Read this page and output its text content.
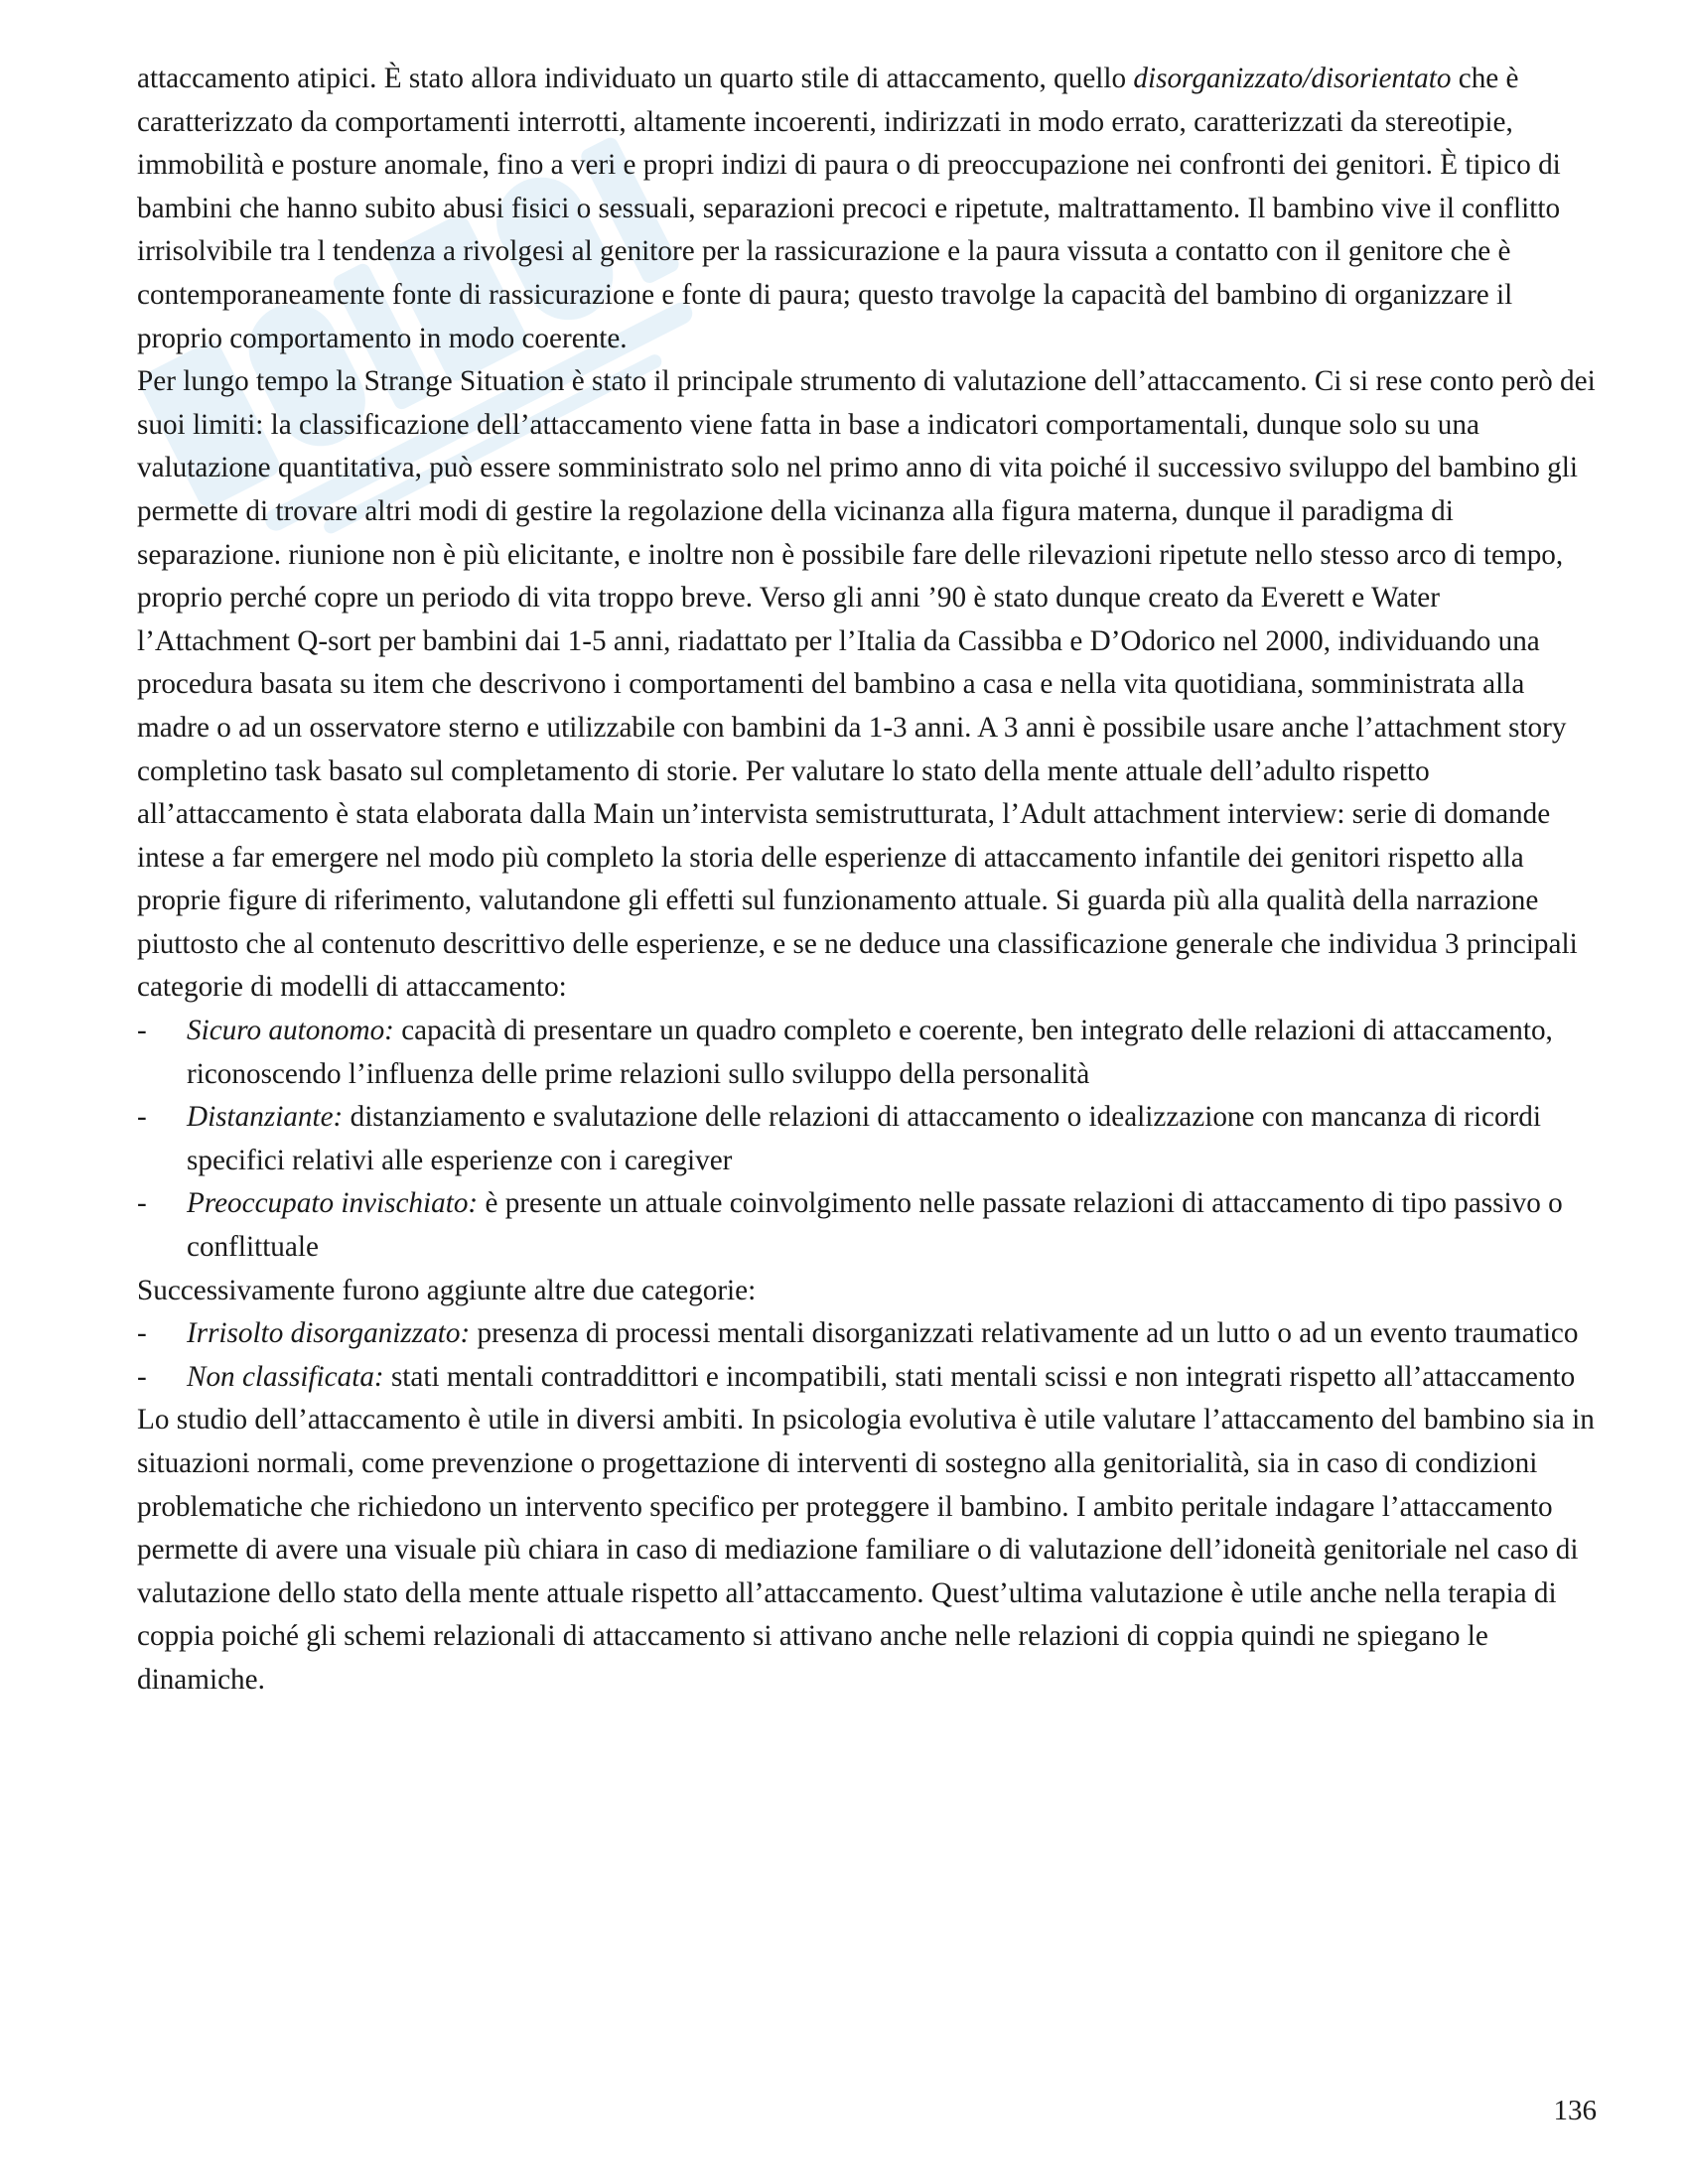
attaccamento atipici. È stato allora individuato un quarto stile di attaccamento, quello disorganizzato/disorientato che è caratterizzato da comportamenti interrotti, altamente incoerenti, indirizzati in modo errato, caratterizzati da stereotipie, immobilità e posture anomale, fino a veri e propri indizi di paura o di preoccupazione nei confronti dei genitori. È tipico di bambini che hanno subito abusi fisici o sessuali, separazioni precoci e ripetute, maltrattamento. Il bambino vive il conflitto irrisolvibile tra l tendenza a rivolgesi al genitore per la rassicurazione e la paura vissuta a contatto con il genitore che è contemporaneamente fonte di rassicurazione e fonte di paura; questo travolge la capacità del bambino di organizzare il proprio comportamento in modo coerente.

Per lungo tempo la Strange Situation è stato il principale strumento di valutazione dell’attaccamento. Ci si rese conto però dei suoi limiti: la classificazione dell’attaccamento viene fatta in base a indicatori comportamentali, dunque solo su una valutazione quantitativa, può essere somministrato solo nel primo anno di vita poiché il successivo sviluppo del bambino gli permette di trovare altri modi di gestire la regolazione della vicinanza alla figura materna, dunque il paradigma di separazione. riunione non è più elicitante, e inoltre non è possibile fare delle rilevazioni ripetute nello stesso arco di tempo, proprio perché copre un periodo di vita troppo breve. Verso gli anni ’90 è stato dunque creato da Everett e Water l’Attachment Q-sort per bambini dai 1-5 anni, riadattato per l’Italia da Cassibba e D’Odorico nel 2000, individuando una procedura basata su item che descrivono i comportamenti del bambino a casa e nella vita quotidiana, somministrata alla madre o ad un osservatore sterno e utilizzabile con bambini da 1-3 anni. A 3 anni è possibile usare anche l’attachment story completino task basato sul completamento di storie. Per valutare lo stato della mente attuale dell’adulto rispetto all’attaccamento è stata elaborata dalla Main un’intervista semistrutturata, l’Adult attachment interview: serie di domande intese a far emergere nel modo più completo la storia delle esperienze di attaccamento infantile dei genitori rispetto alla proprie figure di riferimento, valutandone gli effetti sul funzionamento attuale. Si guarda più alla qualità della narrazione piuttosto che al contenuto descrittivo delle esperienze, e se ne deduce una classificazione generale che individua 3 principali categorie di modelli di attaccamento:

- Sicuro autonomo: capacità di presentare un quadro completo e coerente, ben integrato delle relazioni di attaccamento, riconoscendo l’influenza delle prime relazioni sullo sviluppo della personalità

- Distanziante: distanziamento e svalutazione delle relazioni di attaccamento o idealizzazione con mancanza di ricordi specifici relativi alle esperienze con i caregiver

- Preoccupato invischiato: è presente un attuale coinvolgimento nelle passate relazioni di attaccamento di tipo passivo o conflittuale

Successivamente furono aggiunte altre due categorie:

- Irrisolto disorganizzato: presenza di processi mentali disorganizzati relativamente ad un lutto o ad un evento traumatico

- Non classificata: stati mentali contraddittori e incompatibili, stati mentali scissi e non integrati rispetto all’attaccamento

Lo studio dell’attaccamento è utile in diversi ambiti. In psicologia evolutiva è utile valutare l’attaccamento del bambino sia in situazioni normali, come prevenzione o progettazione di interventi di sostegno alla genitorialità, sia in caso di condizioni problematiche che richiedono un intervento specifico per proteggere il bambino. I ambito peritale indagare l’attaccamento permette di avere una visuale più chiara in caso di mediazione familiare o di valutazione dell’idoneità genitoriale nel caso di valutazione dello stato della mente attuale rispetto all’attaccamento. Quest’ultima valutazione è utile anche nella terapia di coppia poiché gli schemi relazionali di attaccamento si attivano anche nelle relazioni di coppia quindi ne spiegano le dinamiche.

136
